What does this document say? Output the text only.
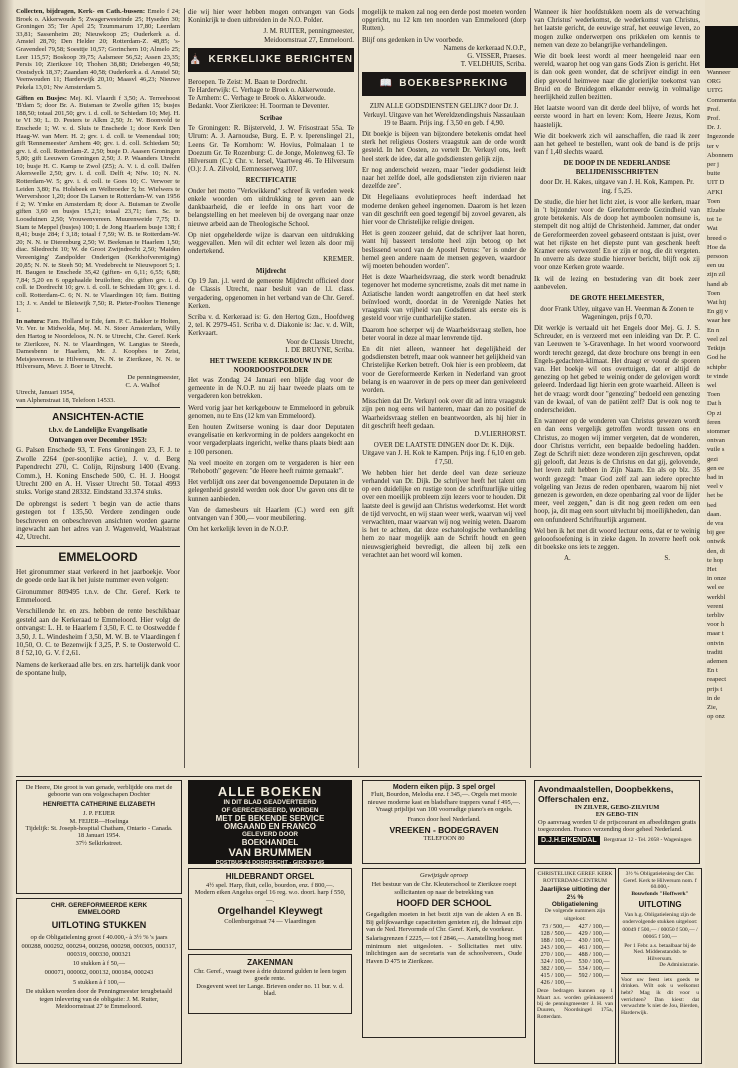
Collecten, bijdragen, Kerk- en Cath.-bussen: Emelo f 24; Broek o. Akkerwoude 5; Zwagerwesteinde 25; Hyseden 30; Groningen 35; Ter Apel 25; Tzummarum 17,80; Leerdam 33,81; Sassenheim 20; Nieuwkoop 25; Ouderkerk a. d. Amstel 28,70; Den Helder 20; Rotterdam-Z. 48,85; 's-Gravendeel 79,58; Soesttje 10,57; Gorinchem 10; Almelo 25; Leer 115,57; Boskoop 39,75; Aalsmeer 56,52; Assen 23,35; Persis 10; Zierikzee 10; Thohen 38,88; Driebergen 49,58; Oostsdyck 18,37; Zaandam 40,58; Ouderkerk a. d. Amstel 50; Veenwouden 11; Harderwijk 20,10; Maasvl 46,23; Nieuwe Pekela 13,01; Nw Amsterdam 5.

Giften en Busjes: Mej. Kl. Vlaardi f 3,50; A. Terreehoost 'B'dam 5; door Br. A. Buisman te Zwolle giften 15; busjes 188,50; totaal 201,50; grv. i. d. coll. te Schiedam 10; Mej. H. te VI 30; L. D. Pesters te Alkm 2,50; Jr. W. Boonvold te Enschede 1; W. v. d. Sluis te Enschede 1; door Kerk Den Haag-W. van Merr. H. 2; grv. i. d. coll. te Veenendaal 100; gift 'Rennemeester' Arnhem 40; grv. i. d. coll. Schiedam 50; grv. i. d. coll. Rotterdam-Z. 2,50; busje D. Aaasen Groningen 5,80; gift Leeuwen Groningen 2,50; J. P. Waanders Utrecht 10; busje H. C. Kamp te Zwol (Z5); A. V. i. d. coll. Dalfen Akerswelle 2,50; grv. i. d. coll. Delft 4; Nfw. 10; N. N. Rotterdam-W. 5; grv. i. d. coll. te Goes 10; C. Verwoer te Leiden 3,80; Fa. Holsbeek en Welbroeder 5; br. Wielwers te Wervershoor 1,20; door Ds Larsen te Rotterdam-W. van 1956 f 2; W. Ymke en Amsterdam 8; door A. Buisman te Zwolle giften 3,60 en busjes 15,21; totaal 23,71; fam. Sc. te Loosduinen 2,50; Vrouwenvereen. Muurenweide 7,75; D. Stam te Meppel (busjes) 100; I. de Jong Haarlem busje 138; f 8,41; busje 284; f 3,18; totaal f 7,59; W. B. te Rotterdam-W. 20; N. N. te Dierenburg 2,50; W. Beekman te Haarlem 1,50; diac. Sliedrecht 10; W. de Groot Zwijndrecht 2,50; 'Maiden Vereeniging' Zandpolder Onderigen (Kerkhofvereniging) 20,85; N. N. te Steeh 50; M. Vredebrecht te Nieuwpoort 5; I. H. Baugen te Enschede 35,42 (giften- en 6,11; 6,55; 6,88; 7,84; 5,20 en 6 opgehaalde bruiloften; div. giften grv. i. d. coll. te Dordrecht 10; grv. i. d. coll. te Schiedam 10; grv. i. d. coll. Rotterdam-C. 6; N. N. te Vlaardingen 10; fam. Buiting 13; J. v. Andel te Bleiswijk 7,50; R. Pieter-Fooltes Tienenge 1.

In natura: Fam. Holland te Ede, fam. P. C. Bakker te Holten, Vr. Ver. te Midwolda, Mej. M. N. Stoer Amsterdam, Willy den Hartog te Noordeloos, N. N. te Utrecht, Chr. Geref. Kerk te Zierikzee, N. N. te Vlaardingen, W. Langtas te Steeds, Damesbenn te Haarlem, Mr. J. Koopbes te Zeist, Meisjesvereen. te Hilversum, N. N. te Zierikzee, N. N. te Hilversum, Mevr. J. Boer te Utrecht.

De penningmeester,

C. A. Walhof

Utrecht, Januari 1954,

van Alphenstraat 18, Telefoon 14533.

ANSICHTEN-ACTIE
t.b.v. de Landelijke Evangelisatie
Ontvangen over December 1953:

G. Palsen Enschede 93, T. Fens Groningen 23, F. J. te Zwolle 2264 (per-soonlijke actie), J. v. d. Berg Papendrecht 270, C. Colijn, Rijnsburg 1400 (Evang. Comm.), H. Koning Enschede 500, C. H. J. Hoogst Utrecht 200 en A. H. Visser Utrecht 50. Totaal 4993 stuks. Vorige stand 28332. Eindstand 33.374 stuks.

De opbrengst is sedert 't begin van de actie thans gestegen tot f 135,50. Verdere zendingen oude beschreven en onbeschreven ansichten worden gaarne ingewacht aan het adres van J. Wagenveld, Waalstraat 42, Utrecht.

EMMELOORD

Het gironummer staat verkeerd in het jaarboekje. Voor de goede orde laat ik het juiste nummer even volgen:

Gironummer 809495 t.n.v. de Chr. Geref. Kerk te Emmeloord.

Verschillende hr. en zrs. hebben de rente beschikbaar gesteld aan de Kerkeraad te Emmeloord. Hier volgt de ontvangst: L. H. te Haarlem f 3,50, F. C. te Oostwedde f 3,50, J. L. Windesheim f 3,50, M. W. B. te Vlaardingen f 10,50, O. C. te Bezenwijk f 3,25, P. S. te Oosterwold C. 8 f 52,10, G. V. f 2,61.

Namens de kerkeraad alle brs. en zrs. hartelijk dank voor de spontane hulp,

die wij hier weer hebben mogen ontvangen van Gods Koninkrijk te doen uitbreiden in de N.O. Polder.

J. M. RUITER, penningmeester,

Meidoornstraat 27, Emmeloord.

⛪ KERKELIJKE BERICHTEN

Beroepen. Te Zeist: M. Baan te Dordrecht.

Te Harderwijk: C. Verhage te Broek o. Akkerwoude.

Te Arnhem: C. Verhage te Broek o. Akkerwoude.

Bedankt. Voor Zierikzee: H. Toorman te Deventer.

Scribae

Te Groningen: R. Bijsterveld, J. W. Frisostraat 55a. Te Ulrum: A. J. Aarnoudse, Burg. E. P. v. Iperenslingel 21, Leens Gr. Te Kornhorn: W. Hovius, Polmalaan 1 te Doezum Gr. Te Rozenburg: C. de Jonge, Molenweg 63. Te Hilversum (C.): Chr. v. Iersel, Vaartweg 46. Te Hilversum (O.): J. A. Zilvold, Eemnesserweg 107.

RECTIFICATIE

Onder het motto "Verkwikkend" schreef ik verleden week enkele woorden om uitdrukking te geven aan de dankbaarheid, die er leefde in ons hart voor de belangstelling en het meeleven bij de overgang naar onze nieuwe arbeid aan de Theologische School.

Op niet opgehelderde wijze is daarvan een uitdrukking weggevallen. Men wil dit echter wel lezen als door mij ondertekend.

KREMER.

Mijdrecht

Op 19 Jan. j.l. werd de gemeente Mijdrecht officieel door de Classis Utrecht, naar besluit van de l.l. class. vergadering, opgenomen in het verband van de Chr. Geref. Kerken.

Scriba v. d. Kerkeraad is: G. den Hertog Gzn., Hoofdweg 2, tel. K 2979-451. Scriba v. d. Diakonie is: Jac. v. d. Wilt, Kerkvaart.

Voor de Classis Utrecht,

I. DE BRUYNE, Scriba.

HET TWEEDE KERKGEBOUW IN DE NOORDOOSTPOLDER

Het was Zondag 24 Januari een blijde dag voor de gemeente in de N.O.P. nu zij haar tweede plaats om te vergaderen kon betrekken.

Werd vorig jaar het kerkgebouw te Emmeloord in gebruik genomen, nu te Ens (12 km van Emmeloord).

Een houten Zwitserse woning is daar door Deputaten evangelisatie en kerkvorming in de polders aangekocht en voor vergaderplaats ingericht, welke thans plaats biedt aan ± 100 personen.

Na veel moeite en zorgen om te vergaderen is hier een "Rehoboth" gegeven: "de Heere heeft ruimte gemaakt".

Het verblijdt ons zeer dat bovengenoemde Deputaten in de gelegenheid gesteld werden ook door Uw gaven ons dit te kunnen aanbieden.

Van de damesbeurs uit Haarlem (C.) werd een gift ontvangen van f 300,— voor meubilering.

Om het kerkelijk leven in de N.O.P.

mogelijk te maken zal nog een derde post moeten worden opgericht, nu 12 km ten noorden van Emmeloord (dorp Rutten).

Blijf ons gedenken in Uw voorbede.

Namens de kerkeraad N.O.P.,

G. VISSER, Praeses.

T. VELDHUIS, Scriba.

📖 BOEKBESPREKING

ZIJN ALLE GODSDIENSTEN GELIJK? door Dr. J. Verkuyl. Uitgave van het Wereldzendingshuis Nassaulaan 19 te Baarn. Prijs ing. f 3,50 en geb. f 4,90.

Dit boekje is bijeen van bijzondere betekenis omdat heel sterk het religieus Oosters vraagstuk aan de orde wordt gesteld. In het Oosten, zo vertelt Dr. Verkuyl ons, leeft heel sterk de idee, dat alle godsdiensten gelijk zijn.

Er nog anderscheid wezen, maar "ieder godsdienst leidt naar het zelfde doel, alle godsdiensten zijn rivieren naar dezelfde zee".

Dit Hegeliaans evolutieproces heeft inderdaad het moderne denken geheel ingenomen. Daarom is het lezen van dit geschrift een goed tegengif bij zovoel gevaren, als hier voor de Christelijke religie dreigen.

Het is geen zoozeer geluid, dat de schrijver laat horen, want hij basseert tenslotte heel zijn betoog op het beslissend woord van de Apostel Petrus: "er is onder de hemel geen andere naam de mensen gegeven, waardoor wij moeten behouden worden".

Het is deze Waarheidsvraag, die sterk wordt benadrukt tegenover het moderne syncretisme, zoals dit met name in Aziatische landen wordt aangetroffen en dat heel sterk beïnvloed wordt, doordat in de Verenigde Naties het vraagstuk van vrijheid van Godsdienst als eerste eis is gesteld voor vrije cuntharlelijke staten.

Daarom hoe scherper wij de Waarheidsvraag stellen, hoe beter vooral in deze al maar lenvrende tijd.

En dit niet alleen, wanneer het degelijkheid der godsdiensten betreft, maar ook wanneer het gelijkheid van Christelijke Kerken betreft. Ook hier is een probleem, dat voor de Gereformeerde Kerken in Nederland van groot belang is en waarover in de pers op meer dan geniveleerd worden.

Misschien dat Dr. Verkuyl ook over dit ad intra vraagstuk zijn pen nog eens wil hanteren, maar dan zo positief de Waarheidsvraag stellen en beantwoorden, als hij hier in dit geschrift heeft gedaan.

D.VLIERHORST.

OVER DE LAATSTE DINGEN door Dr. K. Dijk. Uitgave van J. H. Kok te Kampen. Prijs ing. f 6,10 en geb. f 7,50.

We hebben hier het derde deel van deze serieuze verhandel van Dr. Dijk. De schrijver heeft het talent om op een duidelijke en rustige toon de schriftuurlijke uitleg over een moeilijk probleem zijn lezers voor te houden. Dit laatste deel is gewijd aan Christus wederkomst. Het wordt de tijd vervocht, en wij staan weer werk, waarvan wij veel verwachten, maar waarvan wij nog weinig weten. Daarom is het te achten, dat deze eschatologische verhandeling hem zo naar mogelijk aan de Schrift houdt en geen nieuwsgierigheid bevredigt, die alleen bij zelk een verachtet aan het woord wil komen.

Wanneer ik hier hoofdstukken noem als de verwachting van Christus' wederkomst, de wederkomst van Christus, het laatste gericht, de eeuwige straf, het eeuwige leven, zo mogen zulke onderwerpen ons prikkelen om kennis te nemen van deze zo belangrijke verhandelingen.

Wie dit boek leest wordt al meer heengeleid naar een wereld, waarop het oog van gans Gods Zion is gericht. Het is dan ook geen wonder, dat de schrijver eindigt in een diep gevoeld heimwee naar die glorierijke toekomst van Bruid en de Bruidegom elkander eeuwig in volmalige heerlijkheid zullen bezitten.

Het laatste woord van dit derde deel blijve, of words het eerste woord in hart en leven: Kom, Heere Jezus, Kom haastelijk.

Wie dit boekwerk zich wil aanschaffen, die raad ik zeer aan het geheel te bestellen, want ook de band is de prijs van f 1,40 slechts waard.

DE DOOP IN DE NEDERLANDSE BELIJDENISSCHRIFTEN

door Dr. H. Kakes, uitgave van J. H. Kok, Kampen. Pr. ing. f 5,25.

De studie, die hier het licht ziet, is voor alle kerken, maar in 't bijzonder voor de Gereformeerde Gezindheid van grote betekenis. Als de doop het aymboolen nomsune is, stempelt dit nog altijd de Christenheid. Jammer, dat onder de Gereformeerden zoveel gebaseerd ontstaan is juist, over wat het rijkste en het diepste punt van geschenk heeft Kramer eens verwezen! En er zijn er nog, die dit vergeten. In onverre als deze studie hierover bericht, blijft ook zij voor onze Kerken grote waarde.

Ik wil de lezing en bestudering van dit boek zeer aanbevelen.

DE GROTE HEELMEESTER,

door Frank Utley, uitgave van H. Veenman & Zonen te Wageningen, prijs f 0,70.

Dit werkje is vertaald uit het Engels door Mej. G. J. S. Schreuder, en is verzeerd met een inleiding van Dr. P. C. van Leeuwen te 's-Gravenhage. In het woord voorwoord wordt terecht gezegd, dat deze brochure ons brengt in een Engels-gedachten-klimaat. Het draagt er vooral de sporen van. Het boekje wil ons overtuigen, dat er altijd de genezing op het gebed te weinig onder de gelovigen wordt geleerd. Inderdaad ligt hierin een grote waarheid. Alleen is het de vraag: wordt door "genezing" bedoeld een genezing van de kwaal, of van de patiënt zelf? Dat is ook nog te onderscheiden.

En wanneer op de wonderen van Christus gewezen wordt en dan eens vergelijk getroffen wordt tussen ons en Christus, zo mogen wij immer vergeten, dat de wonderen, door Christus verricht, een bepaalde bedoeling hadden. Zegt de Schrift niet: deze wonderen zijn geschreven, opdat gij gelooft, dat Jezus is de Christus en dat gij, gelovende, het leven zult hebben in Zijn Naam. En als op blz. 35 wordt gezegd: "maar God zelf zal aan iedere oprechte volgeling van Jezus de reden openbaren, waarom hij niet genezen is geworden, en deze openbaring zal voor de lijder meer, veel zeggen," dan is dit nog geen reden om een hoop, ja, dit mag een soort uitvlucht bij moeilijkheden, dan een onfundeerd Schriftuurlijk argument.

Wel ben ik het met dit woord lectuur eens, dat er te weinig gelooofsoefening is in zieke dagen. In zoverre heeft ook dit boekske ons iets te zeggen.

A.	S.

De Heere, Die groot is van genade, verblijdde ons met de geboorte van ons volgeschapen Dochter
HENRIETTA CATHERINE ELIZABETH
J. P. FEIJER
M. FEIJER—Hoelinga
Tijdelijk: St. Joseph-hospital Chatham, Ontario - Canada.
18 Januari 1954.
37½ Selkirkstreet.
CHR. GEREFORMEERDE KERK
EMMELOORD
UITLOTING STUKKEN
op de Obligatielening groot f 40.000,- à 3½ % 's jaars
000288, 000292, 000294, 000298, 000298, 000305, 000317, 000319, 000330, 000321
10 stukken à f 50,—
000071, 000002, 000132, 000184, 000243
5 stukken à f 100,—
De stukken worden door de Penningmeester terugbetaald tegen inlevering van de obligatie: J. M. Ruiter, Meidoornstraat 27 te Emmeloord.
ALLE BOEKEN
IN DIT BLAD GEADVERTEERD
OF GERECENSEERD, WORDEN
MET DE BEKENDE SERVICE
OMGAAND EN FRANCO
GELEVERD DOOR
BOEKHANDEL
VAN BRUMMEN
POSTBUS 24 DORDRECHT - GIRO 37145
HILDEBRANDT ORGEL
4½ spel. Harp, fluit, cello, bourdon, enz. f 800,—.
Modern eiken Angelus orgel 16 reg. w.o. doori. harp f 550,—.
Orgelhandel Kleywegt
Collenburgstraat 74 — Vlaardingen
ZAKENMAN
Chr. Geref., vraagt twee à drie duizend gulden te leen tegen goede rente.
Dosgevent weet ter Lange. Brieven onder no. 11 bur. v. d. blad.
Modern eiken pijp. 3 spel orgel
Fluit, Bourdon, Melodia enz. f 345,—. Orgels met mooie nieuwe moderne kast en bladsfhare trappers vanaf f 495,—. Vraagt prijslijst van 100 voorradige piano's en orgels.
Franco door heel Nederland.
VREEKEN - BODEGRAVEN
TELEFOON 80
Gewijzigde oproep
Het bestuur van de Chr. Kleuterschool te Zierikzee roept sollicitanten op naar de betrekking van
HOOFD DER SCHOOL
Gegadigden moeten in het bezit zijn van de akten A en B. Bij gelijkwaardige capaciteiten genieten zij, die lidmaat zijn van de Ned. Hervormde of Chr. Geref. Kerk, de voorkeur.
Salarisgrenzen f 2225,— tot f 2846,—. Aanstelling hoog met minimum niet uitgesloten. - Sollicitaties met uitv. inlichtingen aan de secretaris van de schoolvereen., Oude Haven D 475 te Zierikzee.
Avondmaalstellen, Doopbekkens, Offerschalen enz.
IN ZILVER, GEBO-ZILVIUM
EN GEBO-TIN
Op aanvraag worden U de prijscourant en afbeeldingen gratis toegezonden. Franco verzending door geheel Nederland.
D.J.H.EIKENDAL	Bergstraat 12 - Tel. 2058 - Wageningen
CHRISTELIJKE GEREF. KERK ROTTERDAM-CENTRUM
Jaarlijkse uitloting der 2½ %
Obligatielening
De volgende nummers zijn uitgeloot:
73 / 500,—	427 / 100,—
128 / 500,—	429 / 100,—
188 / 100,—	430 / 100,—
243 / 100,—	461 / 100,—
270 / 100,—	488 / 100,—
324 / 100,—	530 / 100,—
382 / 100,—	534 / 100,—
415 / 100,—	592 / 100,—
426 / 100,—	
Deze bedragen kunnen op 1 Maart a.s. worden geïnkasseerd bij de penningmeester J. H. van Duuren, Noordsingel 175a, Rotterdam.
3½ % Obligatielening der Chr. Geref. Kerk te Hilversum nom. f 60.000,-
Bouwfonds "Hoffwerk"
UITLOTING
Van h.g. Obligatielening zijn de ondervolgende stukken uitgeloot:
00049 f 500,— / 00050 f 500,— / 00065 f 500,—
Per 1 Febr. a.s. betaalbaar bij de Ned. Middenstandsb. te Hilversum.
De Administratie.
Voor uw feest iets goeds te drinken. Wilt ook u welkomst hebt? Mag ik dit voor u verrichten? Dan kiest: dat verwachtte 'k niet de Jou, Bierden, Harderwijk.
Wanneer
ORG
UITG
Commenta
Prof.
Prof.
Dr. J.
Ingezonde
ter v
Abonnem
per j
buite
UIT D
AFKI
Toen
Elzabe
tot 1e
Wat
breed o
Hoe da
persoon
een uu
zijn zil
hand ab
Toen
Wat hij
En gij v
waar hee
En n
veel zel
Tetkijn
God he
schipbr
te vinde
wel
Toen
Dat h
Op zi
feren
stommer
ontvan
vuile s
gezi
gen ee
bad in
veel v
het be
bed
daan.
de vra
bij gee
ontwik
den, di
te hop
Het
in onze
wel ee
werkbl
vereni
terbliv
voor h
maar t
ontvin
traditi
ademen
En t
reapect
prijs t
in de
Zie,
op onz
